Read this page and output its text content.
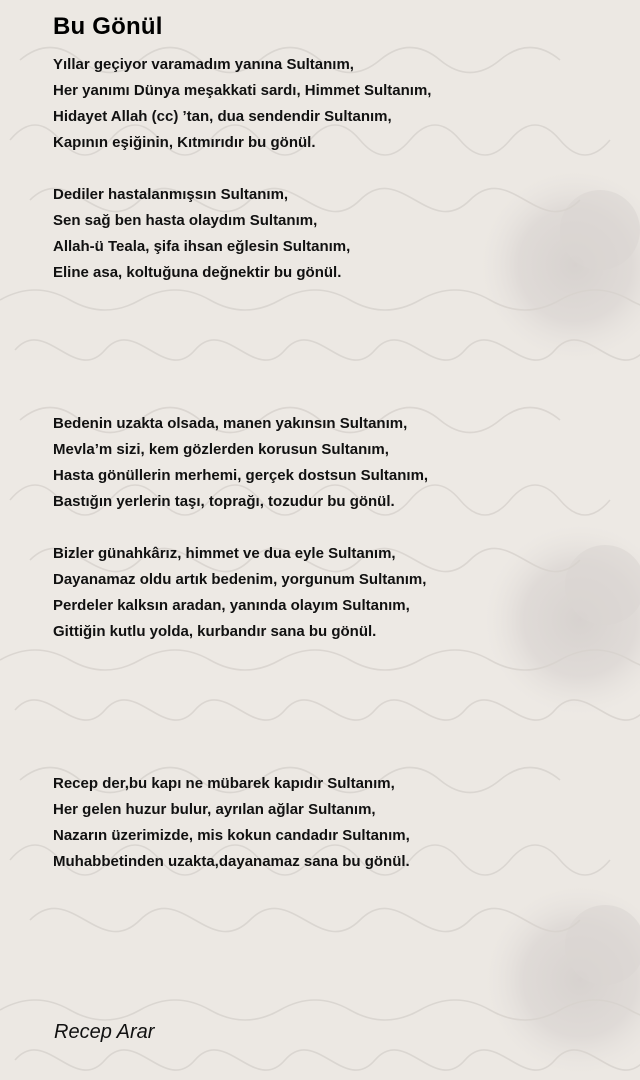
Bu Gönül
Yıllar geçiyor varamadım yanına Sultanım,
Her yanımı Dünya meşakkati sardı, Himmet Sultanım,
Hidayet Allah (cc) ’tan, dua sendendir Sultanım,
Kapının eşiğinin, Kıtmırıdır bu gönül.
Dediler hastalanmışsın Sultanım,
Sen sağ ben hasta olaydım Sultanım,
Allah-ü Teala, şifa ihsan eğlesin Sultanım,
Eline asa, koltuğuna değnektir bu gönül.
Bedenin uzakta olsada, manen yakınsın Sultanım,
Mevla’m sizi, kem gözlerden korusun Sultanım,
Hasta gönüllerin merhemi, gerçek dostsun Sultanım,
Bastığın yerlerin taşı, toprağı, tozudur bu gönül.
Bizler günahkârız, himmet ve dua eyle Sultanım,
Dayanamaz oldu artık bedenim, yorgunum Sultanım,
Perdeler kalksın aradan, yanında olayım Sultanım,
Gittiğin kutlu yolda, kurbandır sana bu gönül.
Recep der,bu kapı ne mübarek kapıdır Sultanım,
Her gelen huzur bulur, ayrılan ağlar Sultanım,
Nazarın üzerimizde, mis kokun candadır Sultanım,
Muhabbetinden uzakta,dayanamaz sana bu gönül.
Recep Arar
